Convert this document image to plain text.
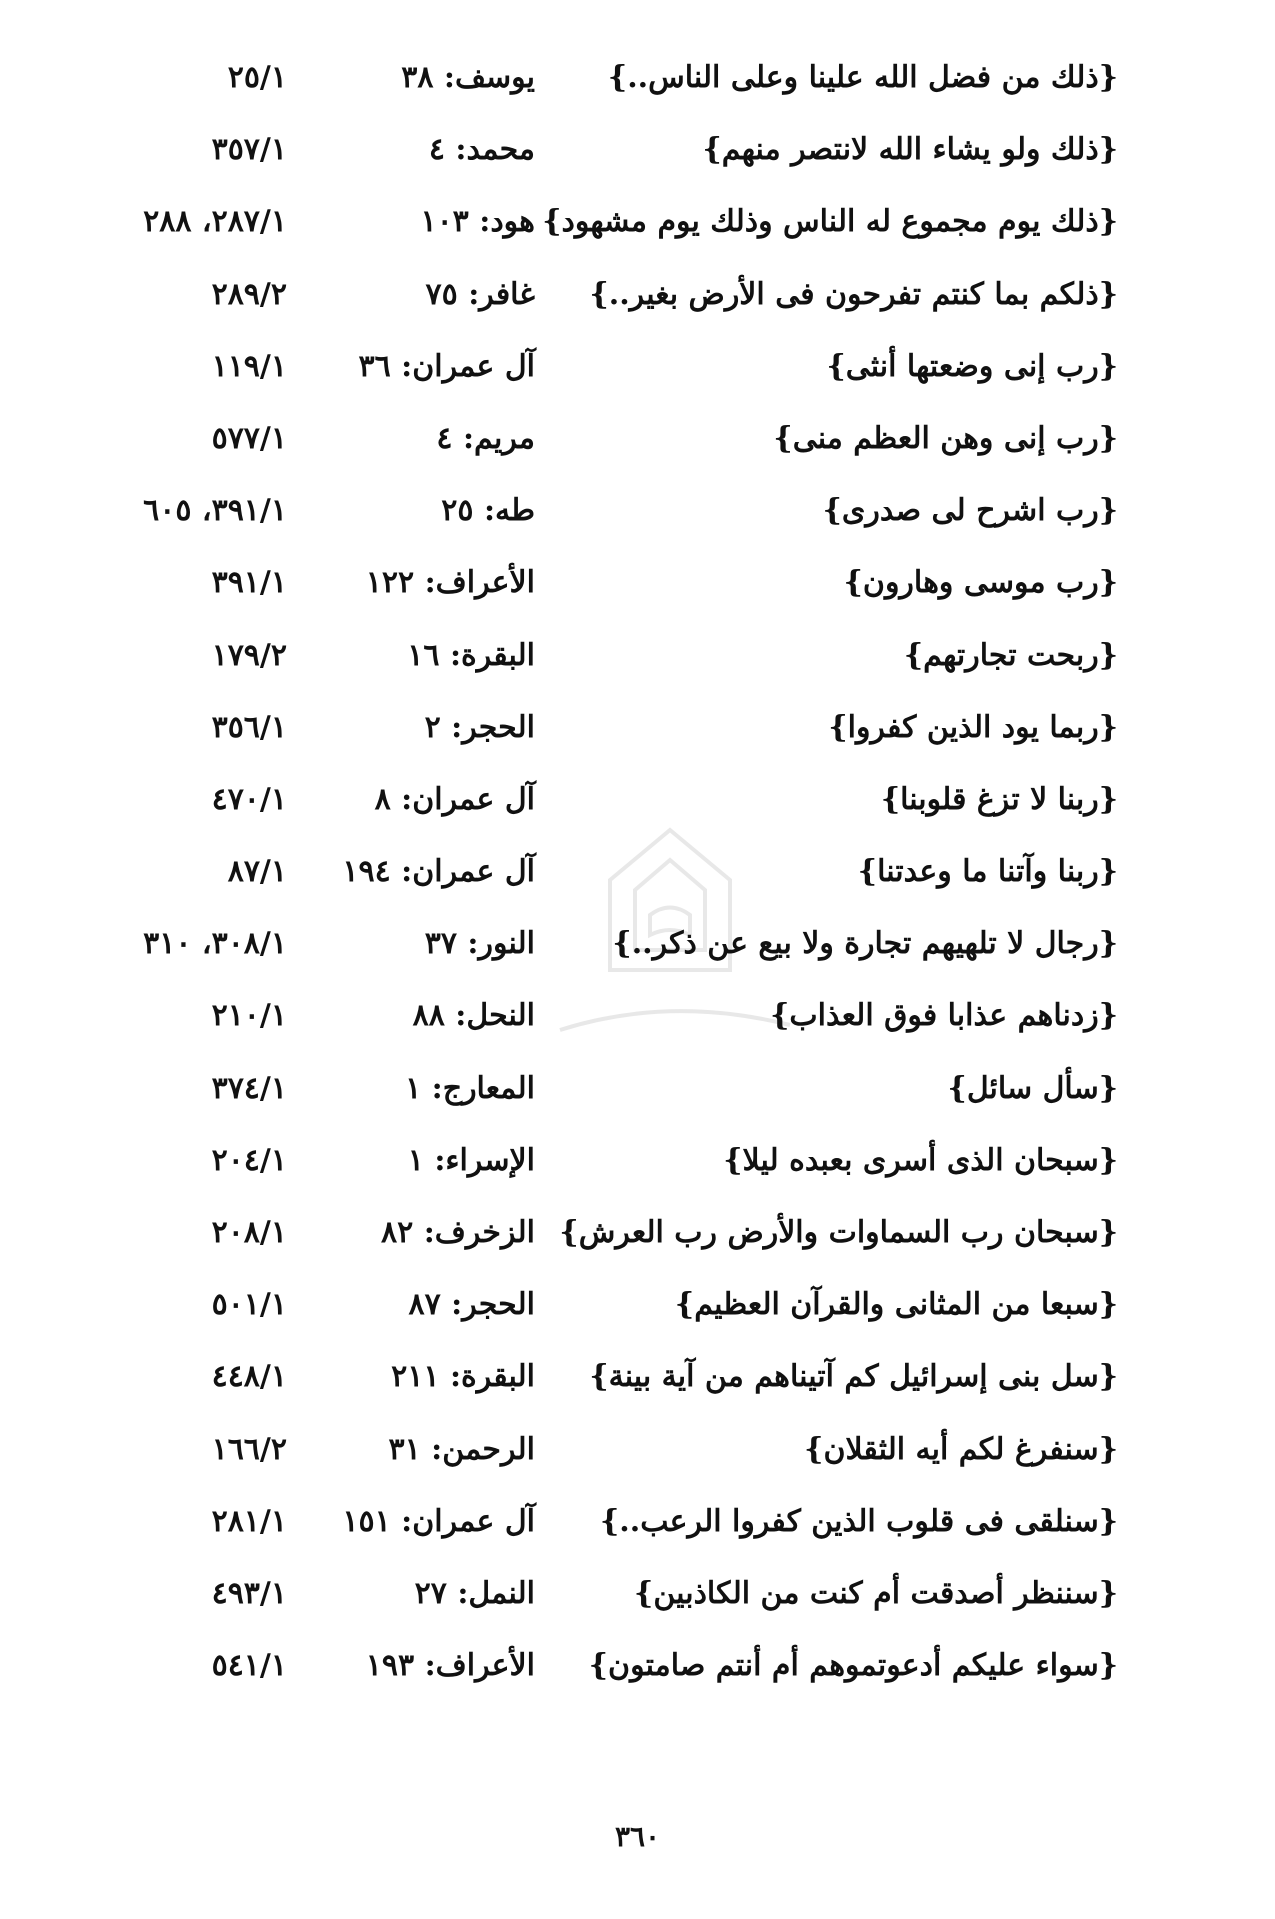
{ذلك من فضل الله علينا وعلى الناس..}
يوسف: ٣٨
٢٥/١
{ذلك ولو يشاء الله لانتصر منهم}
محمد: ٤
٣٥٧/١
{ذلك يوم مجموع له الناس وذلك يوم مشهود}
هود: ١٠٣
٢٨٧/١، ٢٨٨
{ذلكم بما كنتم تفرحون فى الأرض بغير..}
غافر: ٧٥
٢٨٩/٢
{رب إنى وضعتها أنثى}
آل عمران: ٣٦
١١٩/١
{رب إنى وهن العظم منى}
مريم: ٤
٥٧٧/١
{رب اشرح لى صدرى}
طه: ٢٥
٣٩١/١، ٦٠٥
{رب موسى وهارون}
الأعراف: ١٢٢
٣٩١/١
{ربحت تجارتهم}
البقرة: ١٦
١٧٩/٢
{ربما يود الذين كفروا}
الحجر: ٢
٣٥٦/١
{ربنا لا تزغ قلوبنا}
آل عمران: ٨
٤٧٠/١
{ربنا وآتنا ما وعدتنا}
آل عمران: ١٩٤
٨٧/١
{رجال لا تلهيهم تجارة ولا بيع عن ذكر..}
النور: ٣٧
٣٠٨/١، ٣١٠
{زدناهم عذابا فوق العذاب}
النحل: ٨٨
٢١٠/١
{سأل سائل}
المعارج: ١
٣٧٤/١
{سبحان الذى أسرى بعبده ليلا}
الإسراء: ١
٢٠٤/١
{سبحان رب السماوات والأرض رب العرش}
الزخرف: ٨٢
٢٠٨/١
{سبعا من المثانى والقرآن العظيم}
الحجر: ٨٧
٥٠١/١
{سل بنى إسرائيل كم آتيناهم من آية بينة}
البقرة: ٢١١
٤٤٨/١
{سنفرغ لكم أيه الثقلان}
الرحمن: ٣١
١٦٦/٢
{سنلقى فى قلوب الذين كفروا الرعب..}
آل عمران: ١٥١
٢٨١/١
{سننظر أصدقت أم كنت من الكاذبين}
النمل: ٢٧
٤٩٣/١
{سواء عليكم أدعوتموهم أم أنتم صامتون}
الأعراف: ١٩٣
٥٤١/١
٣٦٠
